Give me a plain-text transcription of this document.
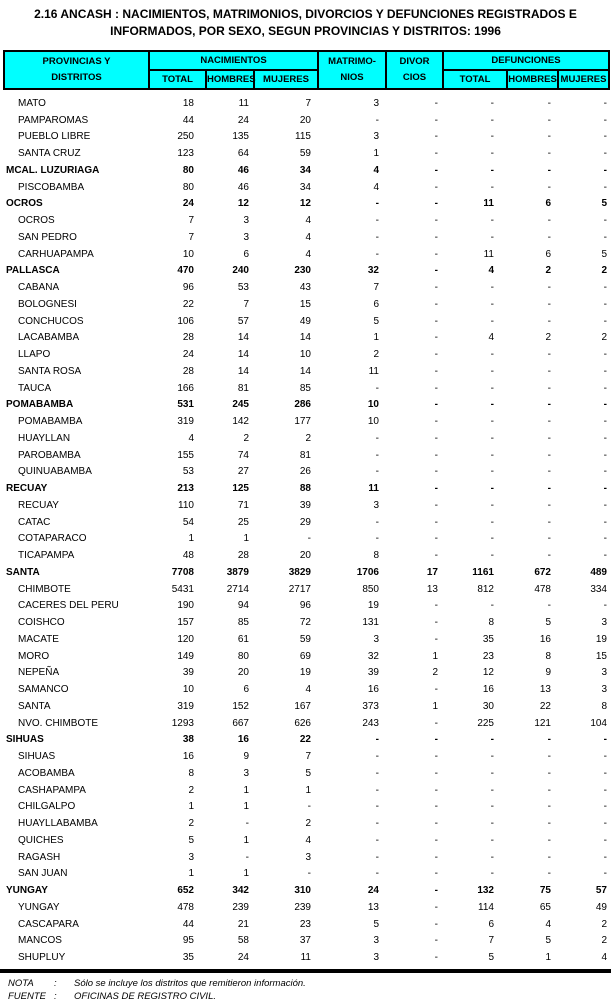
2.16 ANCASH : NACIMIENTOS, MATRIMONIOS, DIVORCIOS Y DEFUNCIONES REGISTRADOS E
INFORMADOS, POR SEXO, SEGUN PROVINCIAS Y DISTRITOS: 1996
PROVINCIAS Y
DISTRITOS
	NACIMIENTOS	MATRIMO-
NIOS

DIVOR
CIOS
	DEFUNCIONES
	TOTAL	HOMBRES	MUJERES			TOTAL	HOMBRES	MUJERES
MATO	18	11	7	3	-	-	-	-
PAMPAROMAS	44	24	20	-	-	-	-	-
PUEBLO LIBRE	250	135	115	3	-	-	-	-
SANTA CRUZ	123	64	59	1	-	-	-	-
MCAL. LUZURIAGA	80	46	34	4	-	-	-	-
PISCOBAMBA	80	46	34	4	-	-	-	-
OCROS	24	12	12	-	-	11	6	5
OCROS	7	3	4	-	-	-	-	-
SAN PEDRO	7	3	4	-	-	-	-	-
CARHUAPAMPA	10	6	4	-	-	11	6	5
PALLASCA	470	240	230	32	-	4	2	2
CABANA	96	53	43	7	-	-	-	-
BOLOGNESI	22	7	15	6	-	-	-	-
CONCHUCOS	106	57	49	5	-	-	-	-
LACABAMBA	28	14	14	1	-	4	2	2
LLAPO	24	14	10	2	-	-	-	-
SANTA ROSA	28	14	14	11	-	-	-	-
TAUCA	166	81	85	-	-	-	-	-
POMABAMBA	531	245	286	10	-	-	-	-
POMABAMBA	319	142	177	10	-	-	-	-
HUAYLLAN	4	2	2	-	-	-	-	-
PAROBAMBA	155	74	81	-	-	-	-	-
QUINUABAMBA	53	27	26	-	-	-	-	-
RECUAY	213	125	88	11	-	-	-	-
RECUAY	110	71	39	3	-	-	-	-
CATAC	54	25	29	-	-	-	-	-
COTAPARACO	1	1	-	-	-	-	-	-
TICAPAMPA	48	28	20	8	-	-	-	-
SANTA	7708	3879	3829	1706	17	1161	672	489
CHIMBOTE	5431	2714	2717	850	13	812	478	334
CACERES DEL PERU	190	94	96	19	-	-	-	-
COISHCO	157	85	72	131	-	8	5	3
MACATE	120	61	59	3	-	35	16	19
MORO	149	80	69	32	1	23	8	15
NEPEÑA	39	20	19	39	2	12	9	3
SAMANCO	10	6	4	16	-	16	13	3
SANTA	319	152	167	373	1	30	22	8
NVO. CHIMBOTE	1293	667	626	243	-	225	121	104
SIHUAS	38	16	22	-	-	-	-	-
SIHUAS	16	9	7	-	-	-	-	-
ACOBAMBA	8	3	5	-	-	-	-	-
CASHAPAMPA	2	1	1	-	-	-	-	-
CHILGALPO	1	1	-	-	-	-	-	-
HUAYLLABAMBA	2	-	2	-	-	-	-	-
QUICHES	5	1	4	-	-	-	-	-
RAGASH	3	-	3	-	-	-	-	-
SAN JUAN	1	1	-	-	-	-	-	-
YUNGAY	652	342	310	24	-	132	75	57
YUNGAY	478	239	239	13	-	114	65	49
CASCAPARA	44	21	23	5	-	6	4	2
MANCOS	95	58	37	3	-	7	5	2
SHUPLUY	35	24	11	3	-	5	1	4
NOTA	:	Sólo se incluye los distritos que remitieron información.
FUENTE :	OFICINAS DE REGISTRO CIVIL.
